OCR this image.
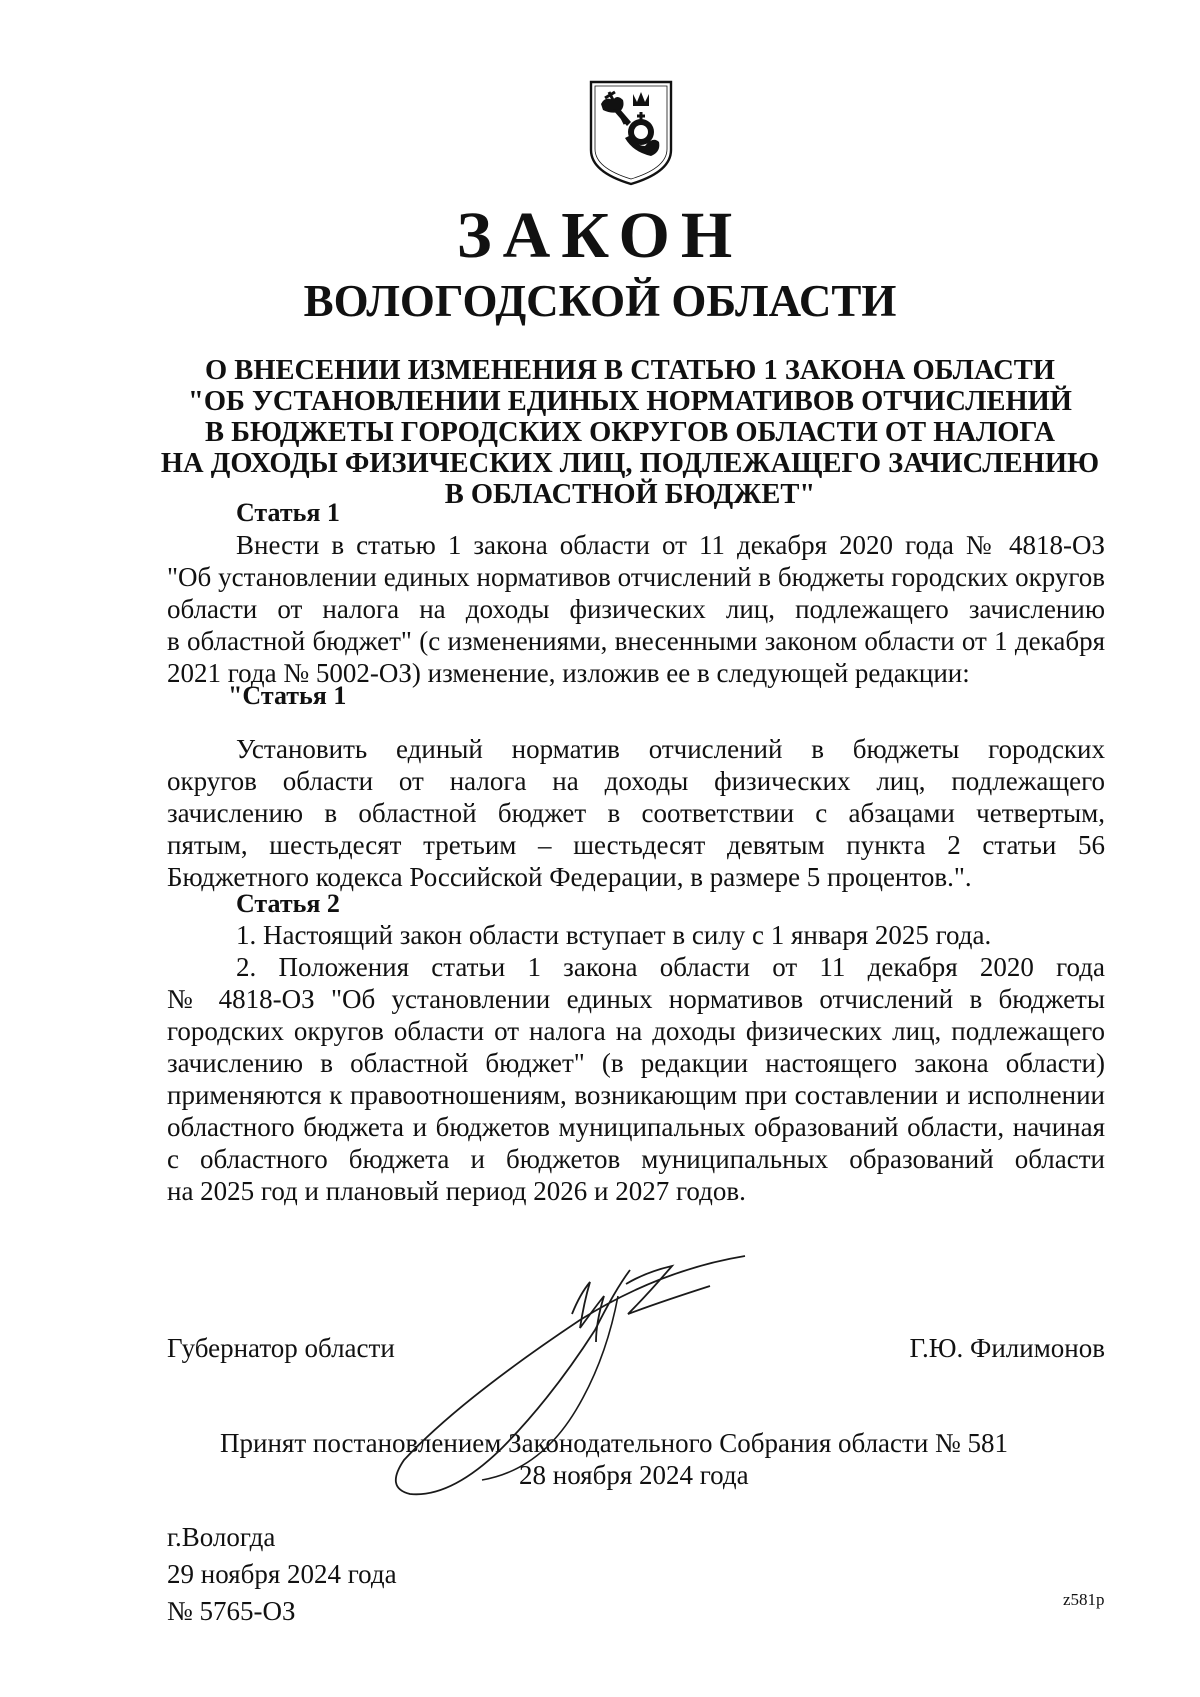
ЗАКОН
ВОЛОГОДСКОЙ ОБЛАСТИ
О ВНЕСЕНИИ ИЗМЕНЕНИЯ В СТАТЬЮ 1 ЗАКОНА ОБЛАСТИ
"ОБ УСТАНОВЛЕНИИ ЕДИНЫХ НОРМАТИВОВ ОТЧИСЛЕНИЙ
В БЮДЖЕТЫ ГОРОДСКИХ ОКРУГОВ ОБЛАСТИ ОТ НАЛОГА
НА ДОХОДЫ ФИЗИЧЕСКИХ ЛИЦ, ПОДЛЕЖАЩЕГО ЗАЧИСЛЕНИЮ
В ОБЛАСТНОЙ БЮДЖЕТ"
Статья 1
Внести в статью 1 закона области от 11 декабря 2020 года № 4818-ОЗ
"Об установлении единых нормативов отчислений в бюджеты городских округов
области от налога на доходы физических лиц, подлежащего зачислению
в областной бюджет" (с изменениями, внесенными законом области от 1 декабря
2021 года № 5002-ОЗ) изменение, изложив ее в следующей редакции:
"Статья 1
Установить единый норматив отчислений в бюджеты городских
округов области от налога на доходы физических лиц, подлежащего
зачислению в областной бюджет в соответствии с абзацами четвертым,
пятым, шестьдесят третьим – шестьдесят девятым пункта 2 статьи 56
Бюджетного кодекса Российской Федерации, в размере 5 процентов.".
Статья 2
1. Настоящий закон области вступает в силу с 1 января 2025 года.
2. Положения статьи 1 закона области от 11 декабря 2020 года
№ 4818-ОЗ "Об установлении единых нормативов отчислений в бюджеты
городских округов области от налога на доходы физических лиц, подлежащего
зачислению в областной бюджет" (в редакции настоящего закона области)
применяются к правоотношениям, возникающим при составлении и исполнении
областного бюджета и бюджетов муниципальных образований области, начиная
с областного бюджета и бюджетов муниципальных образований области
на 2025 год и плановый период 2026 и 2027 годов.
Губернатор области	Г.Ю. Филимонов
Принят постановлением Законодательного Собрания области № 581
28 ноября 2024 года
г.Вологда
29 ноября 2024 года
№ 5765-ОЗ	z581p
